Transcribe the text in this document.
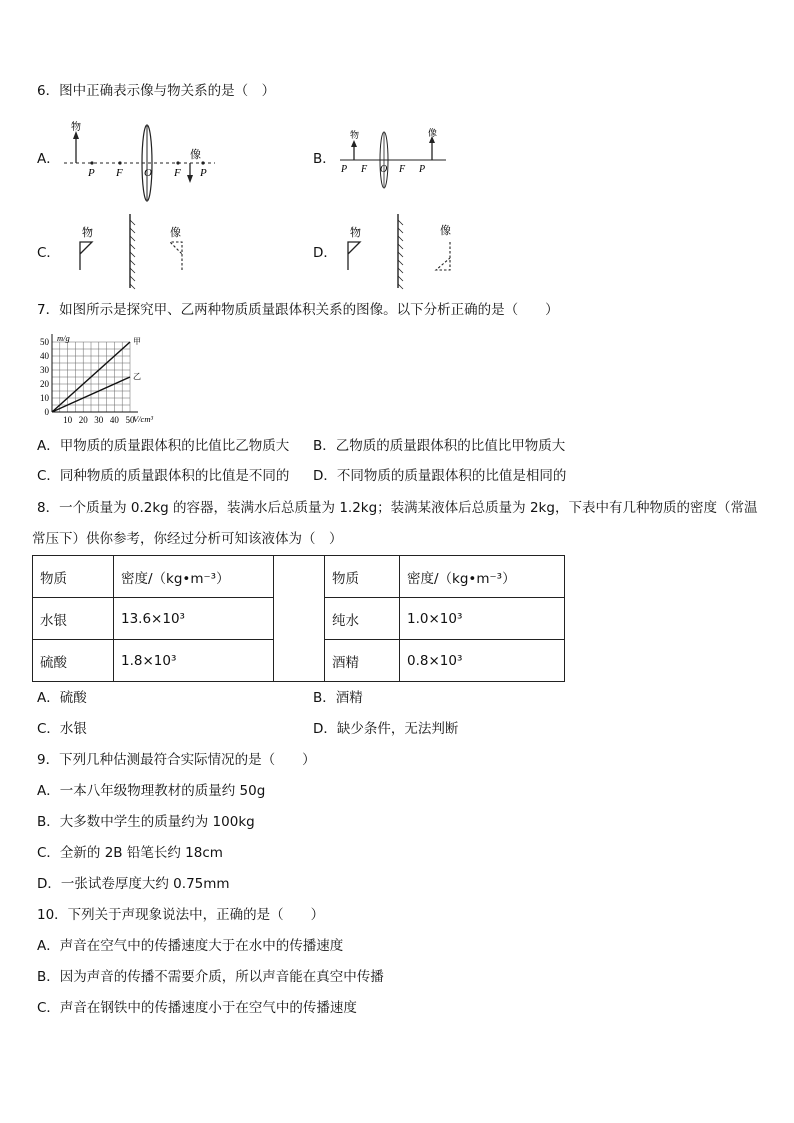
6．图中正确表示像与物关系的是（　）
A．
物
P F O F P
像	B．
物	像
P F O F P
C．
物	像
D．
物	像
7．如图所示是探究甲、乙两种物质质量跟体积关系的图像。以下分析正确的是（　　）
0
10
20
30
40
50
10 20 30 40 50
m/g
V/cm³
甲
乙
A．甲物质的质量跟体积的比值比乙物质大 B．乙物质的质量跟体积的比值比甲物质大
C．同种物质的质量跟体积的比值是不同的 D．不同物质的质量跟体积的比值是相同的
8．一个质量为 0.2kg 的容器，装满水后总质量为 1.2kg；装满某液体后总质量为 2kg，下表中有几种物质的密度（常温
常压下）供你参考，你经过分析可知该液体为（　）
物质	密度/（kg•m⁻³）		物质	密度/（kg•m⁻³）
水银	13.6×10³		纯水	1.0×10³
硫酸	1.8×10³		酒精	0.8×10³
A．硫酸	B．酒精
C．水银	D．缺少条件，无法判断
9．下列几种估测最符合实际情况的是（　　）
A．一本八年级物理教材的质量约 50g
B．大多数中学生的质量约为 100kg
C．全新的 2B 铅笔长约 18cm
D．一张试卷厚度大约 0.75mm
10．下列关于声现象说法中，正确的是（　　）
A．声音在空气中的传播速度大于在水中的传播速度
B．因为声音的传播不需要介质，所以声音能在真空中传播
C．声音在钢铁中的传播速度小于在空气中的传播速度
